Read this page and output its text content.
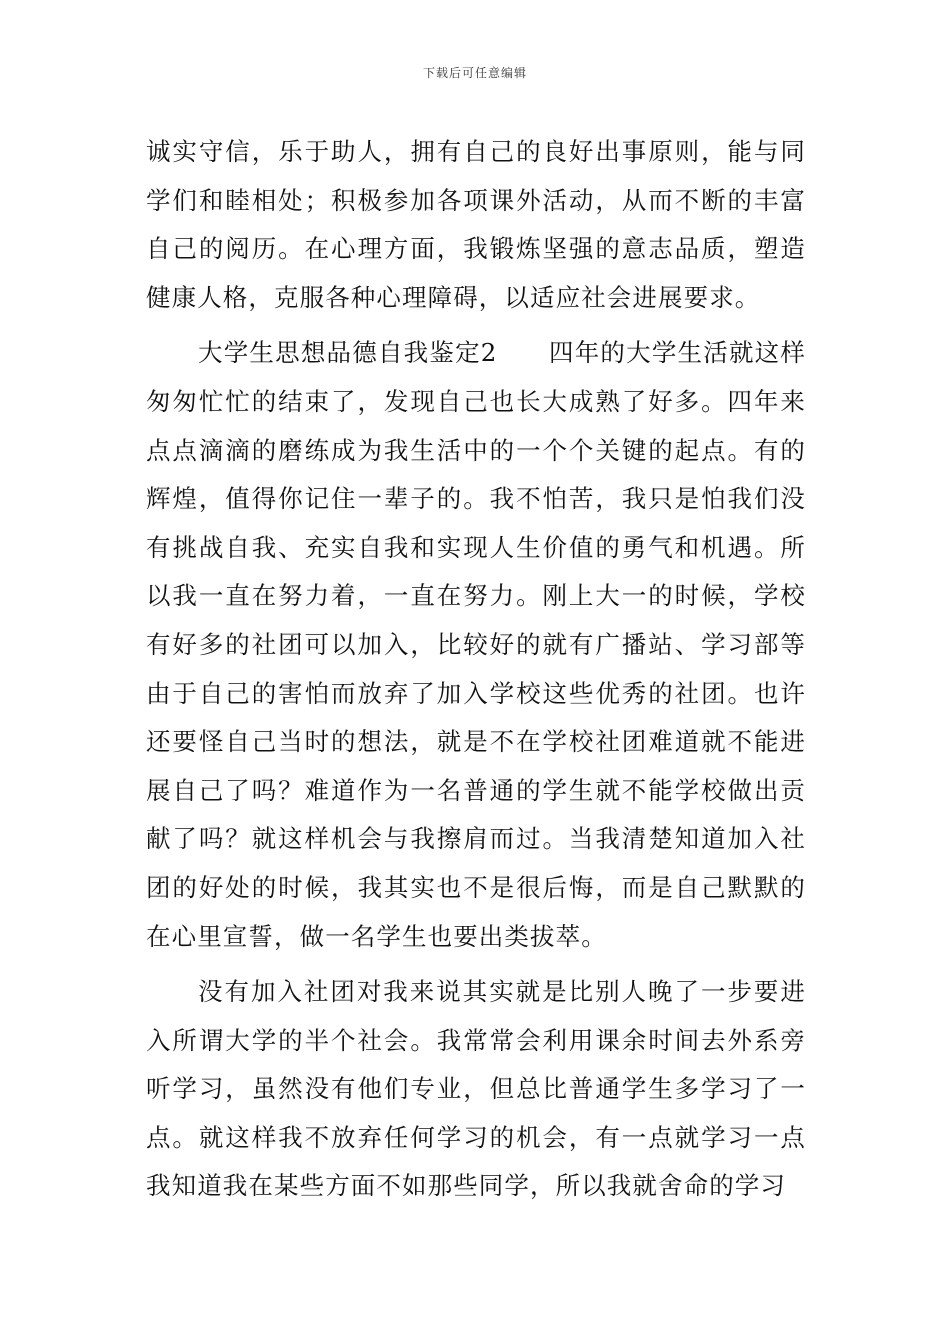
下载后可任意编辑

诚实守信，乐于助人，拥有自己的良好出事原则，能与同学们和睦相处；积极参加各项课外活动，从而不断的丰富自己的阅历。在心理方面，我锻炼坚强的意志品质，塑造健康人格，克服各种心理障碍，以适应社会进展要求。

大学生思想品德自我鉴定2　　四年的大学生活就这样匆匆忙忙的结束了，发现自己也长大成熟了好多。四年来点点滴滴的磨练成为我生活中的一个个关键的起点。有的辉煌，值得你记住一辈子的。我不怕苦，我只是怕我们没有挑战自我、充实自我和实现人生价值的勇气和机遇。所以我一直在努力着，一直在努力。刚上大一的时候，学校有好多的社团可以加入，比较好的就有广播站、学习部等由于自己的害怕而放弃了加入学校这些优秀的社团。也许还要怪自己当时的想法，就是不在学校社团难道就不能进展自己了吗？难道作为一名普通的学生就不能学校做出贡献了吗？就这样机会与我擦肩而过。当我清楚知道加入社团的好处的时候，我其实也不是很后悔，而是自己默默的在心里宣誓，做一名学生也要出类拔萃。

没有加入社团对我来说其实就是比别人晚了一步要进入所谓大学的半个社会。我常常会利用课余时间去外系旁听学习，虽然没有他们专业，但总比普通学生多学习了一点。就这样我不放弃任何学习的机会，有一点就学习一点我知道我在某些方面不如那些同学，所以我就舍命的学习
